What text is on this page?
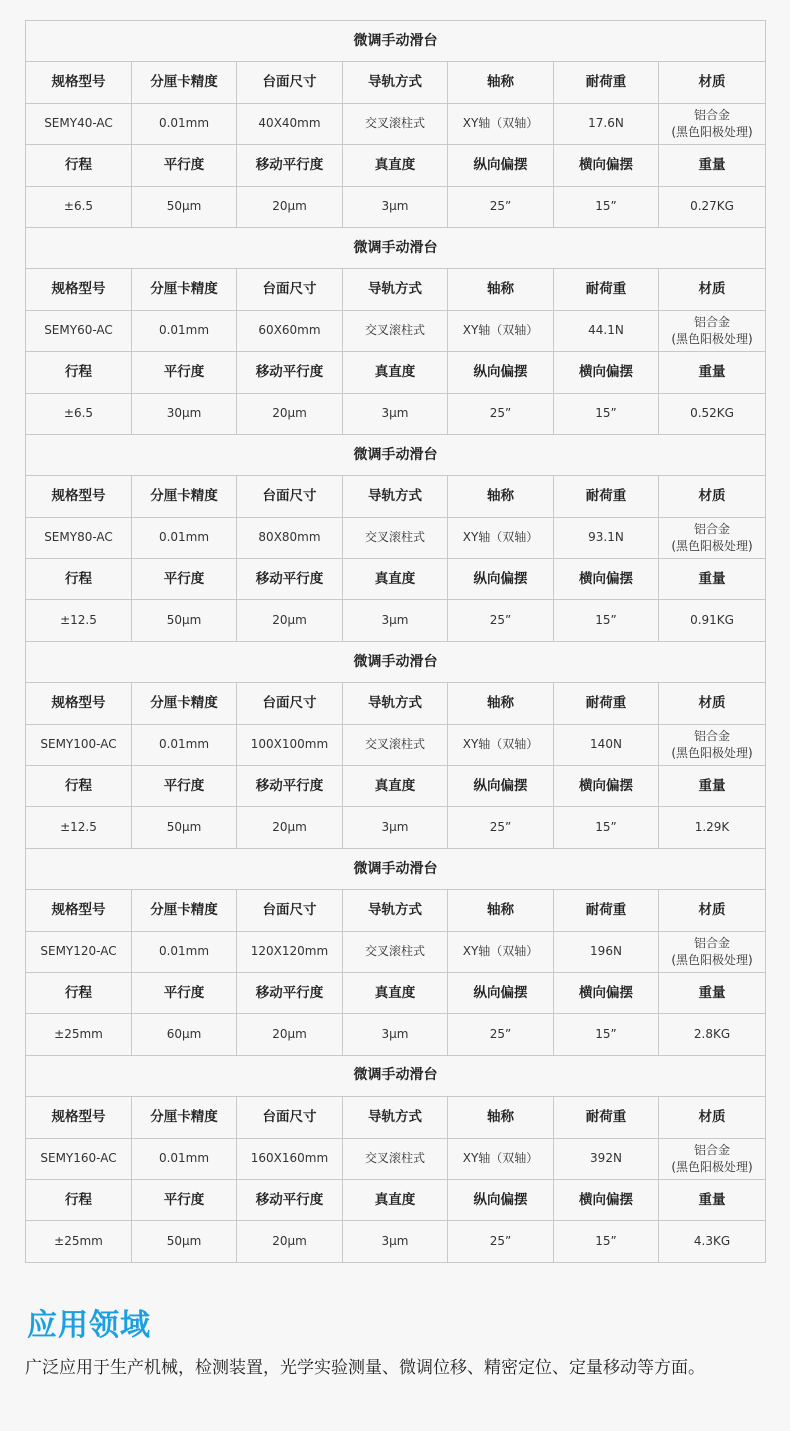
微调手动滑台						
规格型号	分厘卡精度	台面尺寸	导轨方式	轴称	耐荷重	材质
SEMY40-AC	0.01mm	40X40mm	交叉滚柱式	XY轴（双轴）	17.6N	铝合金
(黑色阳极处理)
行程	平行度	移动平行度	真直度	纵向偏摆	横向偏摆	重量
±6.5	50μm	20μm	3μm	25”	15”	0.27KG
微调手动滑台						
规格型号	分厘卡精度	台面尺寸	导轨方式	轴称	耐荷重	材质
SEMY60-AC	0.01mm	60X60mm	交叉滚柱式	XY轴（双轴）	44.1N	铝合金
(黑色阳极处理)
行程	平行度	移动平行度	真直度	纵向偏摆	横向偏摆	重量
±6.5	30μm	20μm	3μm	25”	15”	0.52KG
微调手动滑台						
规格型号	分厘卡精度	台面尺寸	导轨方式	轴称	耐荷重	材质
SEMY80-AC	0.01mm	80X80mm	交叉滚柱式	XY轴（双轴）	93.1N	铝合金
(黑色阳极处理)
行程	平行度	移动平行度	真直度	纵向偏摆	横向偏摆	重量
±12.5	50μm	20μm	3μm	25”	15”	0.91KG
微调手动滑台						
规格型号	分厘卡精度	台面尺寸	导轨方式	轴称	耐荷重	材质
SEMY100-AC	0.01mm	100X100mm	交叉滚柱式	XY轴（双轴）	140N	铝合金
(黑色阳极处理)
行程	平行度	移动平行度	真直度	纵向偏摆	横向偏摆	重量
±12.5	50μm	20μm	3μm	25”	15”	1.29K
微调手动滑台						
规格型号	分厘卡精度	台面尺寸	导轨方式	轴称	耐荷重	材质
SEMY120-AC	0.01mm	120X120mm	交叉滚柱式	XY轴（双轴）	196N	铝合金
(黑色阳极处理)
行程	平行度	移动平行度	真直度	纵向偏摆	横向偏摆	重量
±25mm	60μm	20μm	3μm	25”	15”	2.8KG
微调手动滑台						
规格型号	分厘卡精度	台面尺寸	导轨方式	轴称	耐荷重	材质
SEMY160-AC	0.01mm	160X160mm	交叉滚柱式	XY轴（双轴）	392N	铝合金
(黑色阳极处理)
行程	平行度	移动平行度	真直度	纵向偏摆	横向偏摆	重量
±25mm	50μm	20μm	3μm	25”	15”	4.3KG
应用领域
广泛应用于生产机械，检测装置，光学实验测量、微调位移、精密定位、定量移动等方面。
